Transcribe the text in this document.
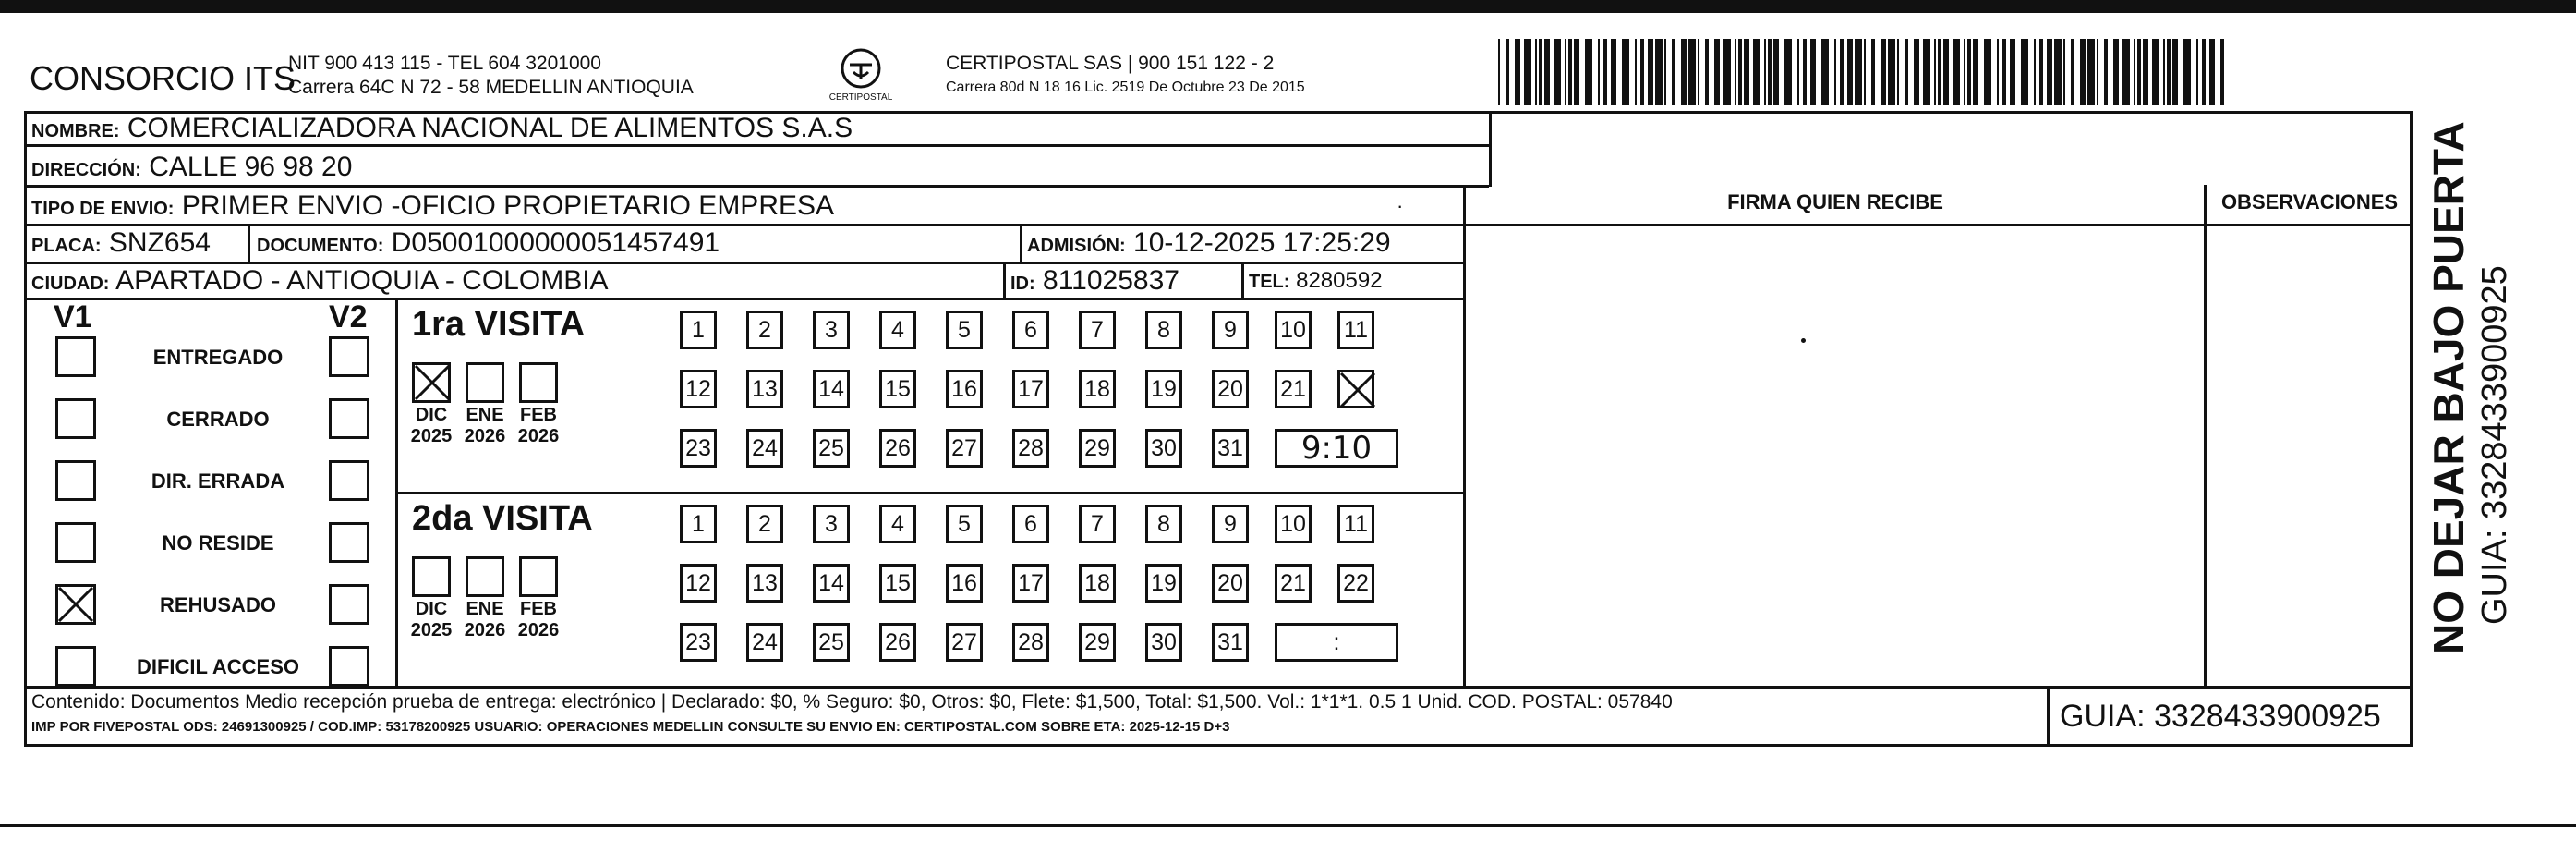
CONSORCIO ITS
NIT 900 413 115 - TEL 604 3201000
Carrera 64C N 72 - 58 MEDELLIN ANTIOQUIA	CERTIPOSTAL
CERTIPOSTAL SAS | 900 151 122 - 2
Carrera 80d N 18 16 Lic. 2519 De Octubre 23 De 2015
FIRMA QUIEN RECIBE	OBSERVACIONES
NOMBRE: COMERCIALIZADORA NACIONAL DE ALIMENTOS S.A.S
DIRECCIÓN: CALLE 96 98 20
TIPO DE ENVIO: PRIMER ENVIO -OFICIO PROPIETARIO EMPRESA	·
PLACA: SNZ654	DOCUMENTO: D05001000000051457491	ADMISIÓN: 10-12-2025 17:25:29
CIUDAD: APARTADO - ANTIOQUIA - COLOMBIA	ID: 811025837	TEL: 8280592
V1	V2 1ra VISITA
2da VISITA
Contenido: Documentos Medio recepción prueba de entrega: electrónico | Declarado: $0, % Seguro: $0, Otros: $0, Flete: $1,500, Total: $1,500. Vol.: 1*1*1. 0.5 1 Unid. COD. POSTAL: 057840
IMP POR FIVEPOSTAL ODS: 24691300925 / COD.IMP: 53178200925 USUARIO: OPERACIONES MEDELLIN CONSULTE SU ENVIO EN: CERTIPOSTAL.COM SOBRE ETA: 2025-12-15 D+3	GUIA: 3328433900925
NO DEJAR BAJO PUERTA GUIA: 3328433900925
ENTREGADO
CERRADO
DIR. ERRADA
NO RESIDE
REHUSADO
DIFICIL ACCESO
DIC
2025
ENE
2026
FEB
2026
DIC
2025
ENE
2026
FEB
2026
1	2	3	4	5	6	7	8	9	10 11
12 13 14 15 16 17 18 19 20 21
23 24 25 26 27 28 29 30 31	9:10
1	2	3	4	5	6	7	8	9	10 11
12 13 14 15 16 17 18 19 20 21 22
23 24 25 26 27 28 29 30 31	:
